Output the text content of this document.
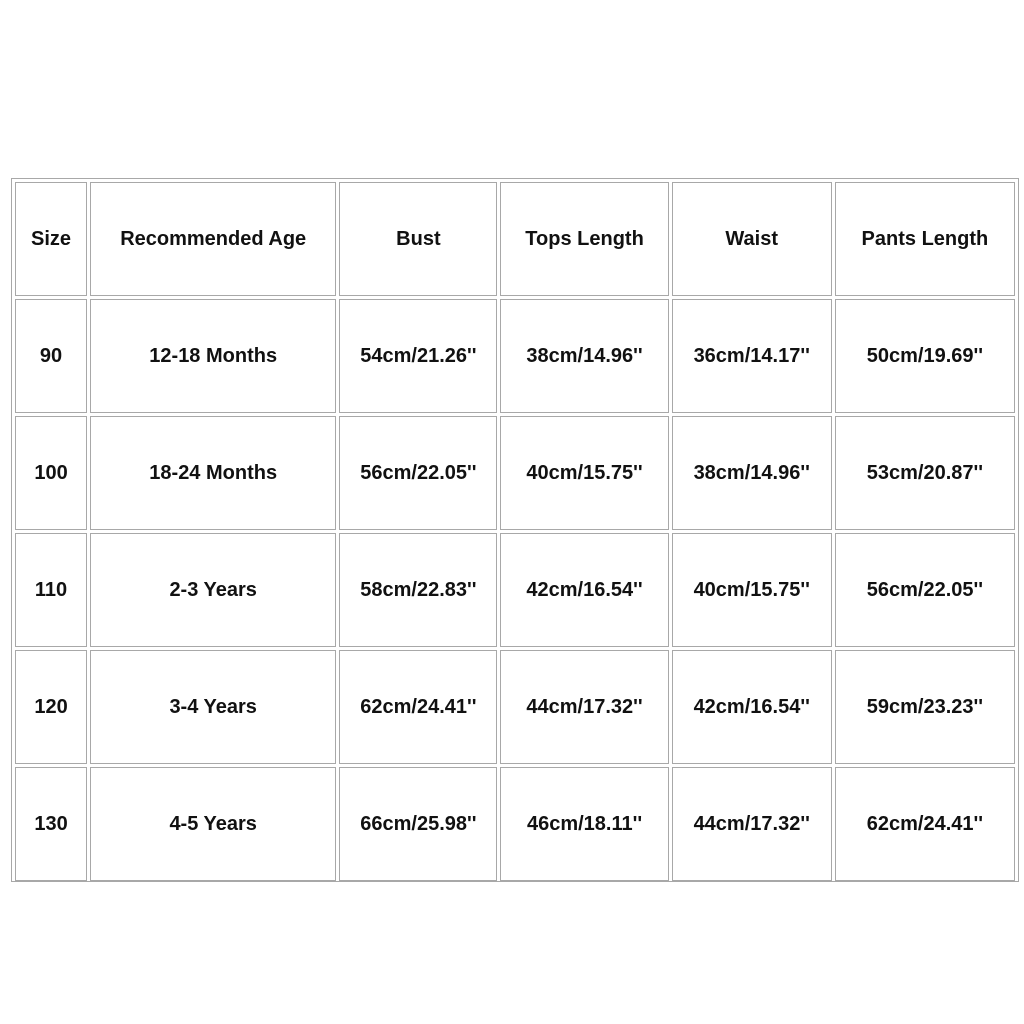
Size	Recommended Age	Bust	Tops Length	Waist	Pants Length
90	12-18 Months	54cm/21.26''	38cm/14.96''	36cm/14.17''	50cm/19.69''
100	18-24 Months	56cm/22.05''	40cm/15.75''	38cm/14.96''	53cm/20.87''
110	2-3 Years	58cm/22.83''	42cm/16.54''	40cm/15.75''	56cm/22.05''
120	3-4 Years	62cm/24.41''	44cm/17.32''	42cm/16.54''	59cm/23.23''
130	4-5 Years	66cm/25.98''	46cm/18.11''	44cm/17.32''	62cm/24.41''
